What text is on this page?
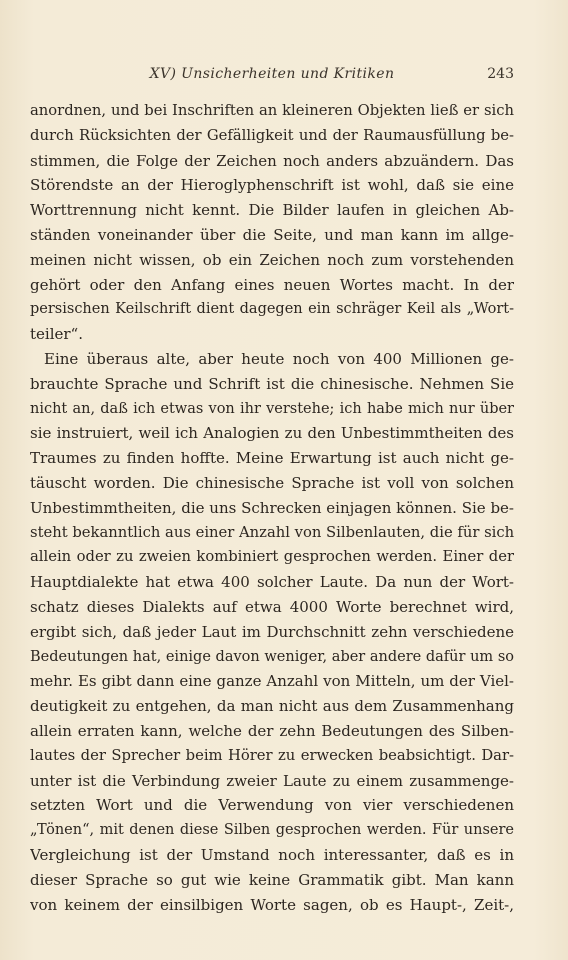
XV) Unsicherheiten und Kritiken	243
anordnen, und bei Inschriften an kleineren Objekten ließ er sich
durch Rücksichten der Gefälligkeit und der Raumausfüllung be-
stimmen, die Folge der Zeichen noch anders abzuändern. Das
Störendste an der Hieroglyphenschrift ist wohl, daß sie eine
Worttrennung nicht kennt. Die Bilder laufen in gleichen Ab-
ständen voneinander über die Seite, und man kann im allge-
meinen nicht wissen, ob ein Zeichen noch zum vorstehenden
gehört oder den Anfang eines neuen Wortes macht. In der
persischen Keilschrift dient dagegen ein schräger Keil als „Wort-
teiler“.
Eine überaus alte, aber heute noch von 400 Millionen ge-
brauchte Sprache und Schrift ist die chinesische. Nehmen Sie
nicht an, daß ich etwas von ihr verstehe; ich habe mich nur über
sie instruiert, weil ich Analogien zu den Unbestimmtheiten des
Traumes zu finden hoffte. Meine Erwartung ist auch nicht ge-
täuscht worden. Die chinesische Sprache ist voll von solchen
Unbestimmtheiten, die uns Schrecken einjagen können. Sie be-
steht bekanntlich aus einer Anzahl von Silbenlauten, die für sich
allein oder zu zweien kombiniert gesprochen werden. Einer der
Hauptdialekte hat etwa 400 solcher Laute. Da nun der Wort-
schatz dieses Dialekts auf etwa 4000 Worte berechnet wird,
ergibt sich, daß jeder Laut im Durchschnitt zehn verschiedene
Bedeutungen hat, einige davon weniger, aber andere dafür um so
mehr. Es gibt dann eine ganze Anzahl von Mitteln, um der Viel-
deutigkeit zu entgehen, da man nicht aus dem Zusammenhang
allein erraten kann, welche der zehn Bedeutungen des Silben-
lautes der Sprecher beim Hörer zu erwecken beabsichtigt. Dar-
unter ist die Verbindung zweier Laute zu einem zusammenge-
setzten Wort und die Verwendung von vier verschiedenen
„Tönen“, mit denen diese Silben gesprochen werden. Für unsere
Vergleichung ist der Umstand noch interessanter, daß es in
dieser Sprache so gut wie keine Grammatik gibt. Man kann
von keinem der einsilbigen Worte sagen, ob es Haupt-, Zeit-,
